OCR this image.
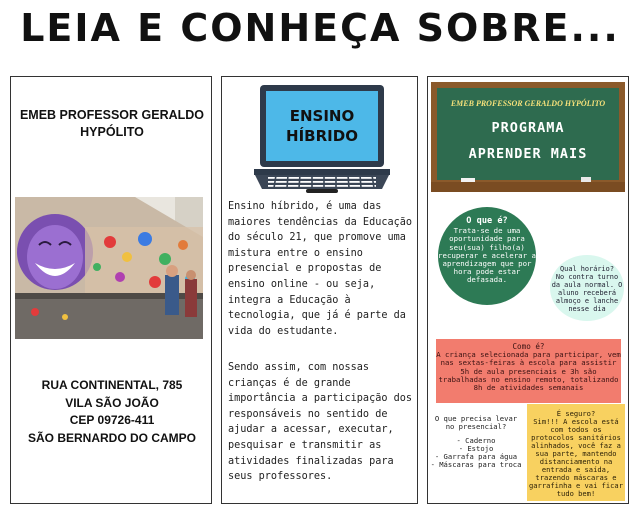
LEIA E CONHEÇA SOBRE...
EMEB PROFESSOR GERALDO HYPÓLITO
RUA CONTINENTAL, 785
VILA SÃO JOÃO
CEP 09726-411
SÃO BERNARDO DO CAMPO
ENSINO
HÍBRIDO
Ensino híbrido, é uma das maiores tendências da Educação do século 21, que promove uma mistura entre o ensino presencial e propostas de ensino online - ou seja, integra a Educação à tecnologia, que já é parte da vida do estudante.
Sendo assim, com nossas crianças é de grande importância a participação dos responsáveis no sentido de ajudar a acessar, executar, pesquisar e transmitir as atividades finalizadas para seus professores.
EMEB PROFESSOR GERALDO HYPÓLITO
PROGRAMA
APRENDER MAIS
O que é?
Trata-se de uma oportunidade para seu(sua) filho(a) recuperar e acelerar a aprendizagem que por hora pode estar defasada.
Qual horário?
No contra turno da aula normal. O aluno receberá almoço e lanche nesse dia
Como é?
A criança selecionada para participar, vem nas sextas-feiras à escola para assistir 5h de aula presenciais e 3h são trabalhadas no ensino remoto, totalizando 8h de atividades semanais
O que precisa levar no presencial?
- Caderno
- Estojo
- Garrafa para água
- Máscaras para troca
É seguro?
Sim!!! A escola está com todos os protocolos sanitários alinhados, você faz a sua parte, mantendo distanciamento na entrada e saída, trazendo máscaras e garrafinha e vai ficar tudo bem!
